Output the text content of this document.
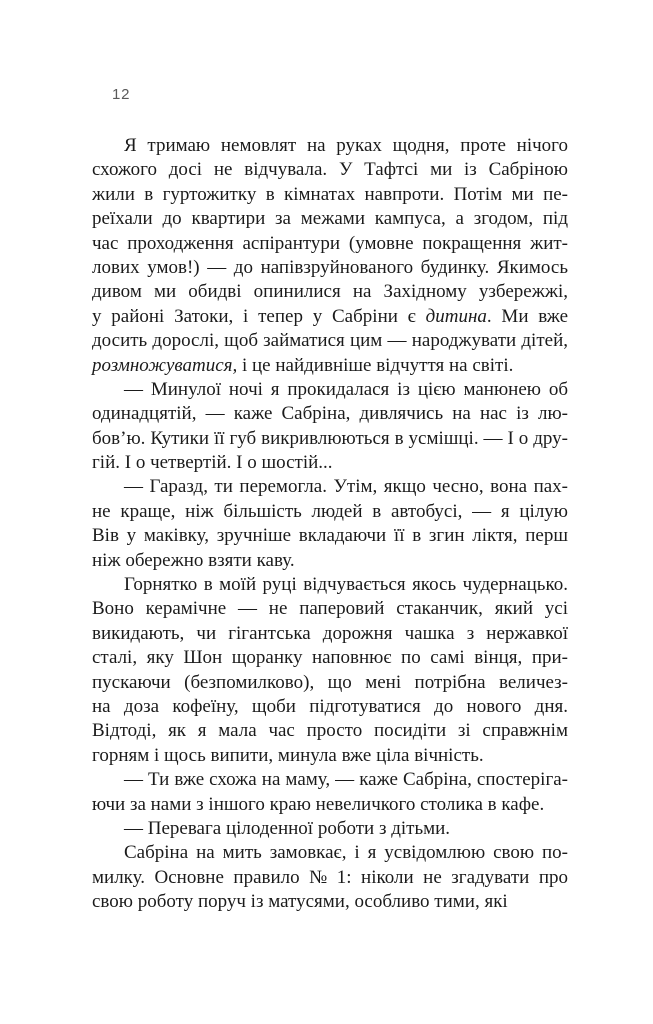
12
Я тримаю немовлят на руках щодня, проте нічого
схожого досі не відчувала. У Тафтсі ми із Сабріною
жили в гуртожитку в кімнатах навпроти. Потім ми пе-
реїхали до квартири за межами кампуса, а згодом, під
час проходження аспірантури (умовне покращення жит-
лових умов!) — до напівзруйнованого будинку. Якимось
дивом ми обидві опинилися на Західному узбережжі,
у районі Затоки, і тепер у Сабріни є дитина. Ми вже
досить дорослі, щоб займатися цим — народжувати дітей,
розмножуватися, і це найдивніше відчуття на світі.
— Минулої ночі я прокидалася із цією манюнею об
одинадцятій, — каже Сабріна, дивлячись на нас із лю-
бов’ю. Кутики її губ викривлюються в усмішці. — І о дру-
гій. І о четвертій. І о шостій...
— Гаразд, ти перемогла. Утім, якщо чесно, вона пах-
не краще, ніж більшість людей в автобусі, — я цілую
Вів у маківку, зручніше вкладаючи її в згин ліктя, перш
ніж обережно взяти каву.
Горнятко в моїй руці відчувається якось чудернацько.
Воно керамічне — не паперовий стаканчик, який усі
викидають, чи гігантська дорожня чашка з нержавкої
сталі, яку Шон щоранку наповнює по самі вінця, при-
пускаючи (безпомилково), що мені потрібна величез-
на доза кофеїну, щоби підготуватися до нового дня.
Відтоді, як я мала час просто посидіти зі справжнім
горням і щось випити, минула вже ціла вічність.
— Ти вже схожа на маму, — каже Сабріна, спостеріга-
ючи за нами з іншого краю невеличкого столика в кафе.
— Перевага цілоденної роботи з дітьми.
Сабріна на мить замовкає, і я усвідомлюю свою по-
милку. Основне правило № 1: ніколи не згадувати про
свою роботу поруч із матусями, особливо тими, які
